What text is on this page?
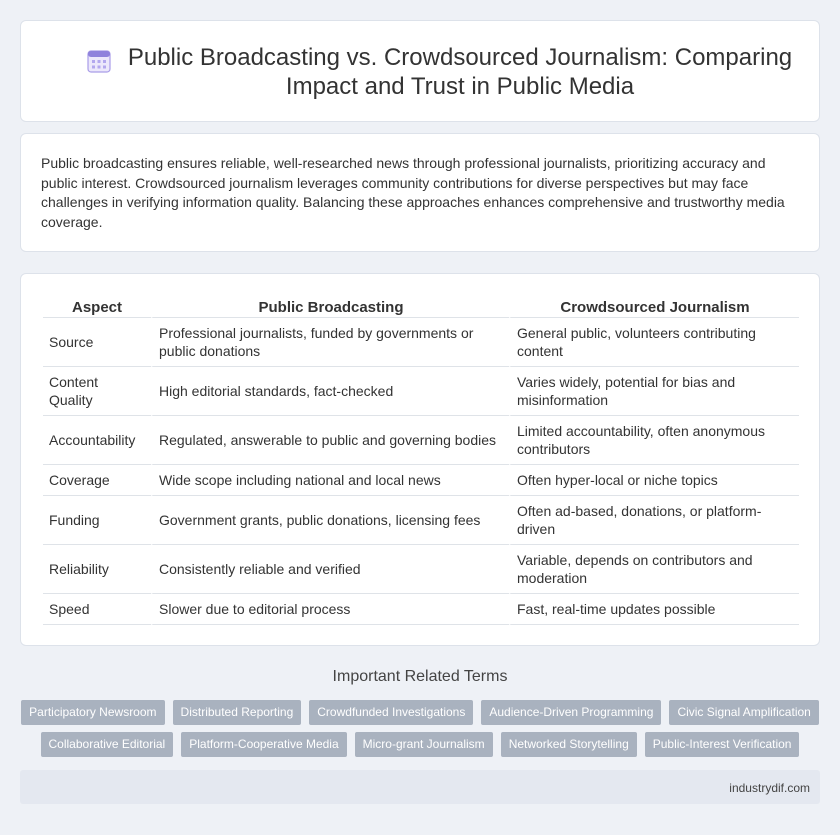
Public Broadcasting vs. Crowdsourced Journalism: Comparing Impact and Trust in Public Media

Public broadcasting ensures reliable, well-researched news through professional journalists, prioritizing accuracy and public interest. Crowdsourced journalism leverages community contributions for diverse perspectives but may face challenges in verifying information quality. Balancing these approaches enhances comprehensive and trustworthy media coverage.

Aspect	Public Broadcasting	Crowdsourced Journalism
Source	Professional journalists, funded by governments or public donations	General public, volunteers contributing content
Content Quality	High editorial standards, fact-checked	Varies widely, potential for bias and misinformation
Accountability	Regulated, answerable to public and governing bodies	Limited accountability, often anonymous contributors
Coverage	Wide scope including national and local news	Often hyper-local or niche topics
Funding	Government grants, public donations, licensing fees	Often ad-based, donations, or platform-driven
Reliability	Consistently reliable and verified	Variable, depends on contributors and moderation
Speed	Slower due to editorial process	Fast, real-time updates possible
Important Related Terms
Participatory Newsroom	Distributed Reporting	Crowdfunded Investigations	Audience-Driven Programming	Civic Signal Amplification
Collaborative Editorial	Platform-Cooperative Media	Micro-grant Journalism	Networked Storytelling	Public-Interest Verification
industrydif.com
